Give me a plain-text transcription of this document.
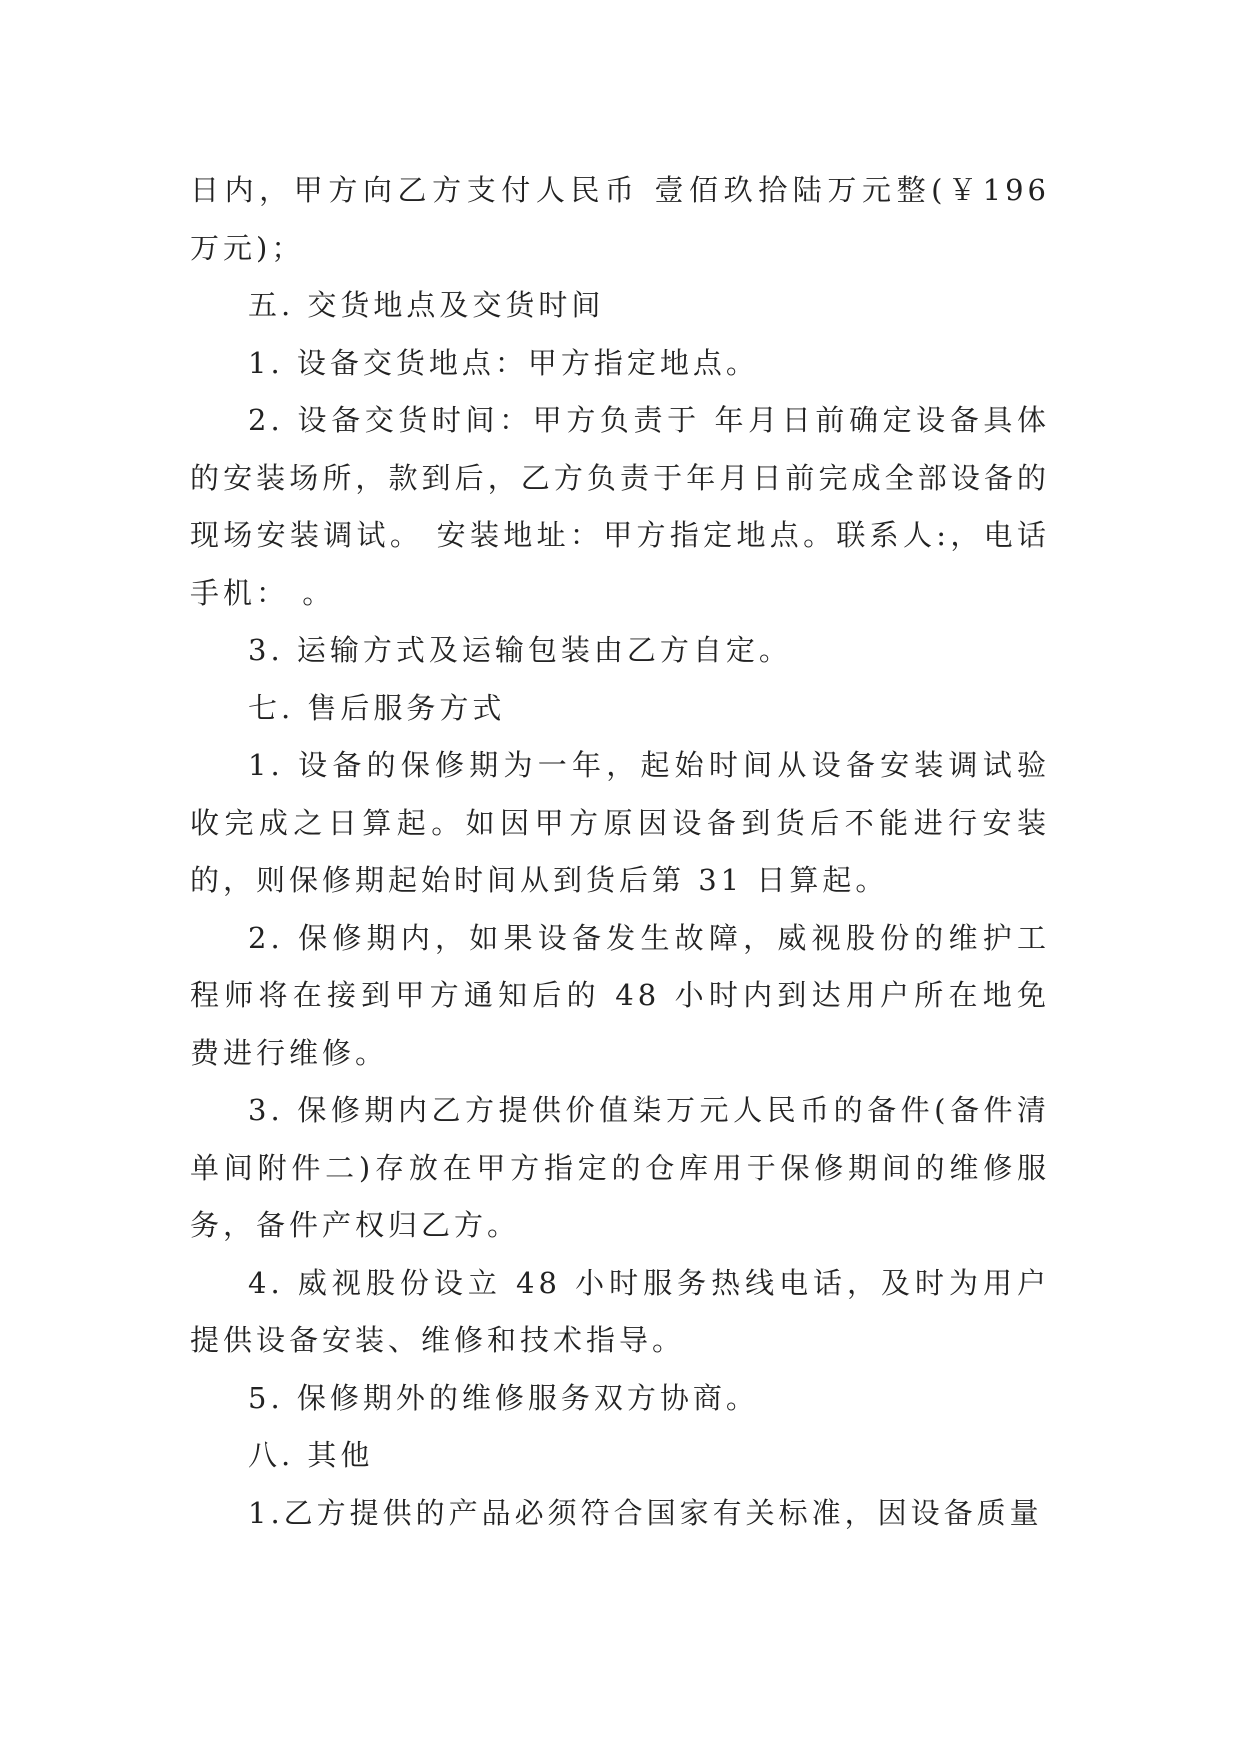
日内，甲方向乙方支付人民币 壹佰玖拾陆万元整(￥196 万元)；

五. 交货地点及交货时间

1. 设备交货地点：甲方指定地点。

2. 设备交货时间：甲方负责于 年月日前确定设备具体的安装场所，款到后，乙方负责于年月日前完成全部设备的现场安装调试。 安装地址：甲方指定地点。联系人:，电话手机： 。

3. 运输方式及运输包装由乙方自定。

七. 售后服务方式

1. 设备的保修期为一年，起始时间从设备安装调试验收完成之日算起。如因甲方原因设备到货后不能进行安装的，则保修期起始时间从到货后第 31 日算起。

2. 保修期内，如果设备发生故障，威视股份的维护工程师将在接到甲方通知后的 48 小时内到达用户所在地免费进行维修。

3. 保修期内乙方提供价值柒万元人民币的备件(备件清单间附件二)存放在甲方指定的仓库用于保修期间的维修服务，备件产权归乙方。

4. 威视股份设立 48 小时服务热线电话，及时为用户提供设备安装、维修和技术指导。

5. 保修期外的维修服务双方协商。

八. 其他

1.乙方提供的产品必须符合国家有关标准，因设备质量
